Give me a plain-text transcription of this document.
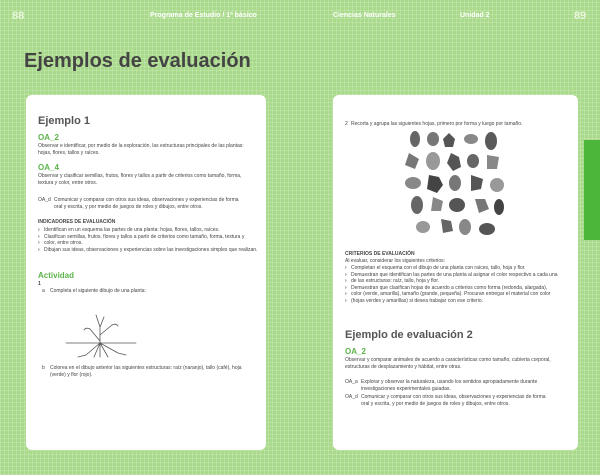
88	Programa de Estudio / 1º básico	Ciencias Naturales	Unidad 2	89
Ejemplos de evaluación
Ejemplo 1
OA_2
Observar e identificar, por medio de la exploración, las estructuras principales de las plantas:
hojas, flores, tallos y raíces.
OA_4
Observar y clasificar semillas, frutos, flores y tallos a partir de criterios como tamaño, forma,
textura y color, entre otros.
OA_d Comunicar y comparar con otros sus ideas, observaciones y experiencias de forma
oral y escrita, y por medio de juegos de roles y dibujos, entre otros.
INDICADORES DE EVALUACIÓN
› Identifican en un esquema las partes de una planta: hojas, flores, tallos, raíces.
› Clasifican semillas, frutos, flores y tallos a partir de criterios como tamaño, forma, textura y
› color, entre otros.
› Dibujan sus ideas, observaciones y experiencias sobre las investigaciones simples que realizan.
Actividad
1
a	Completa el siguiente dibujo de una planta:
b	Colorea en el dibujo anterior las siguientes estructuras: raíz (naranjo), tallo (café), hoja
(verde) y flor (rojo).
2 Recorta y agrupa las siguientes hojas, primero por forma y luego por tamaño.
CRITERIOS DE EVALUACIÓN
Al evaluar, considerar los siguientes criterios:
› Completan el esquema con el dibujo de una planta con raíces, tallo, hoja y flor.
› Demuestran que identifican las partes de una planta al asignar el color respectivo a cada una
› de las estructuras: raíz, tallo, hoja y flor.
› Demuestran que clasifican hojas de acuerdo a criterios como forma (redonda, alargada),
› color (verde, amarilla), tamaño (grande, pequeña). Procuran entregar el material con color
› (hojas verdes y amarillas) si desea trabajar con ese criterio.
Ejemplo de evaluación 2
OA_2
Observar y comparar animales de acuerdo a características como tamaño, cubierta corporal,
estructuras de desplazamiento y hábitat, entre otras.
OA_a Explorar y observar la naturaleza, usando los sentidos apropiadamente durante
investigaciones experimentales guiadas.
OA_d Comunicar y comparar con otros sus ideas, observaciones y experiencias de forma
oral y escrita, y por medio de juegos de roles y dibujos, entre otros.
